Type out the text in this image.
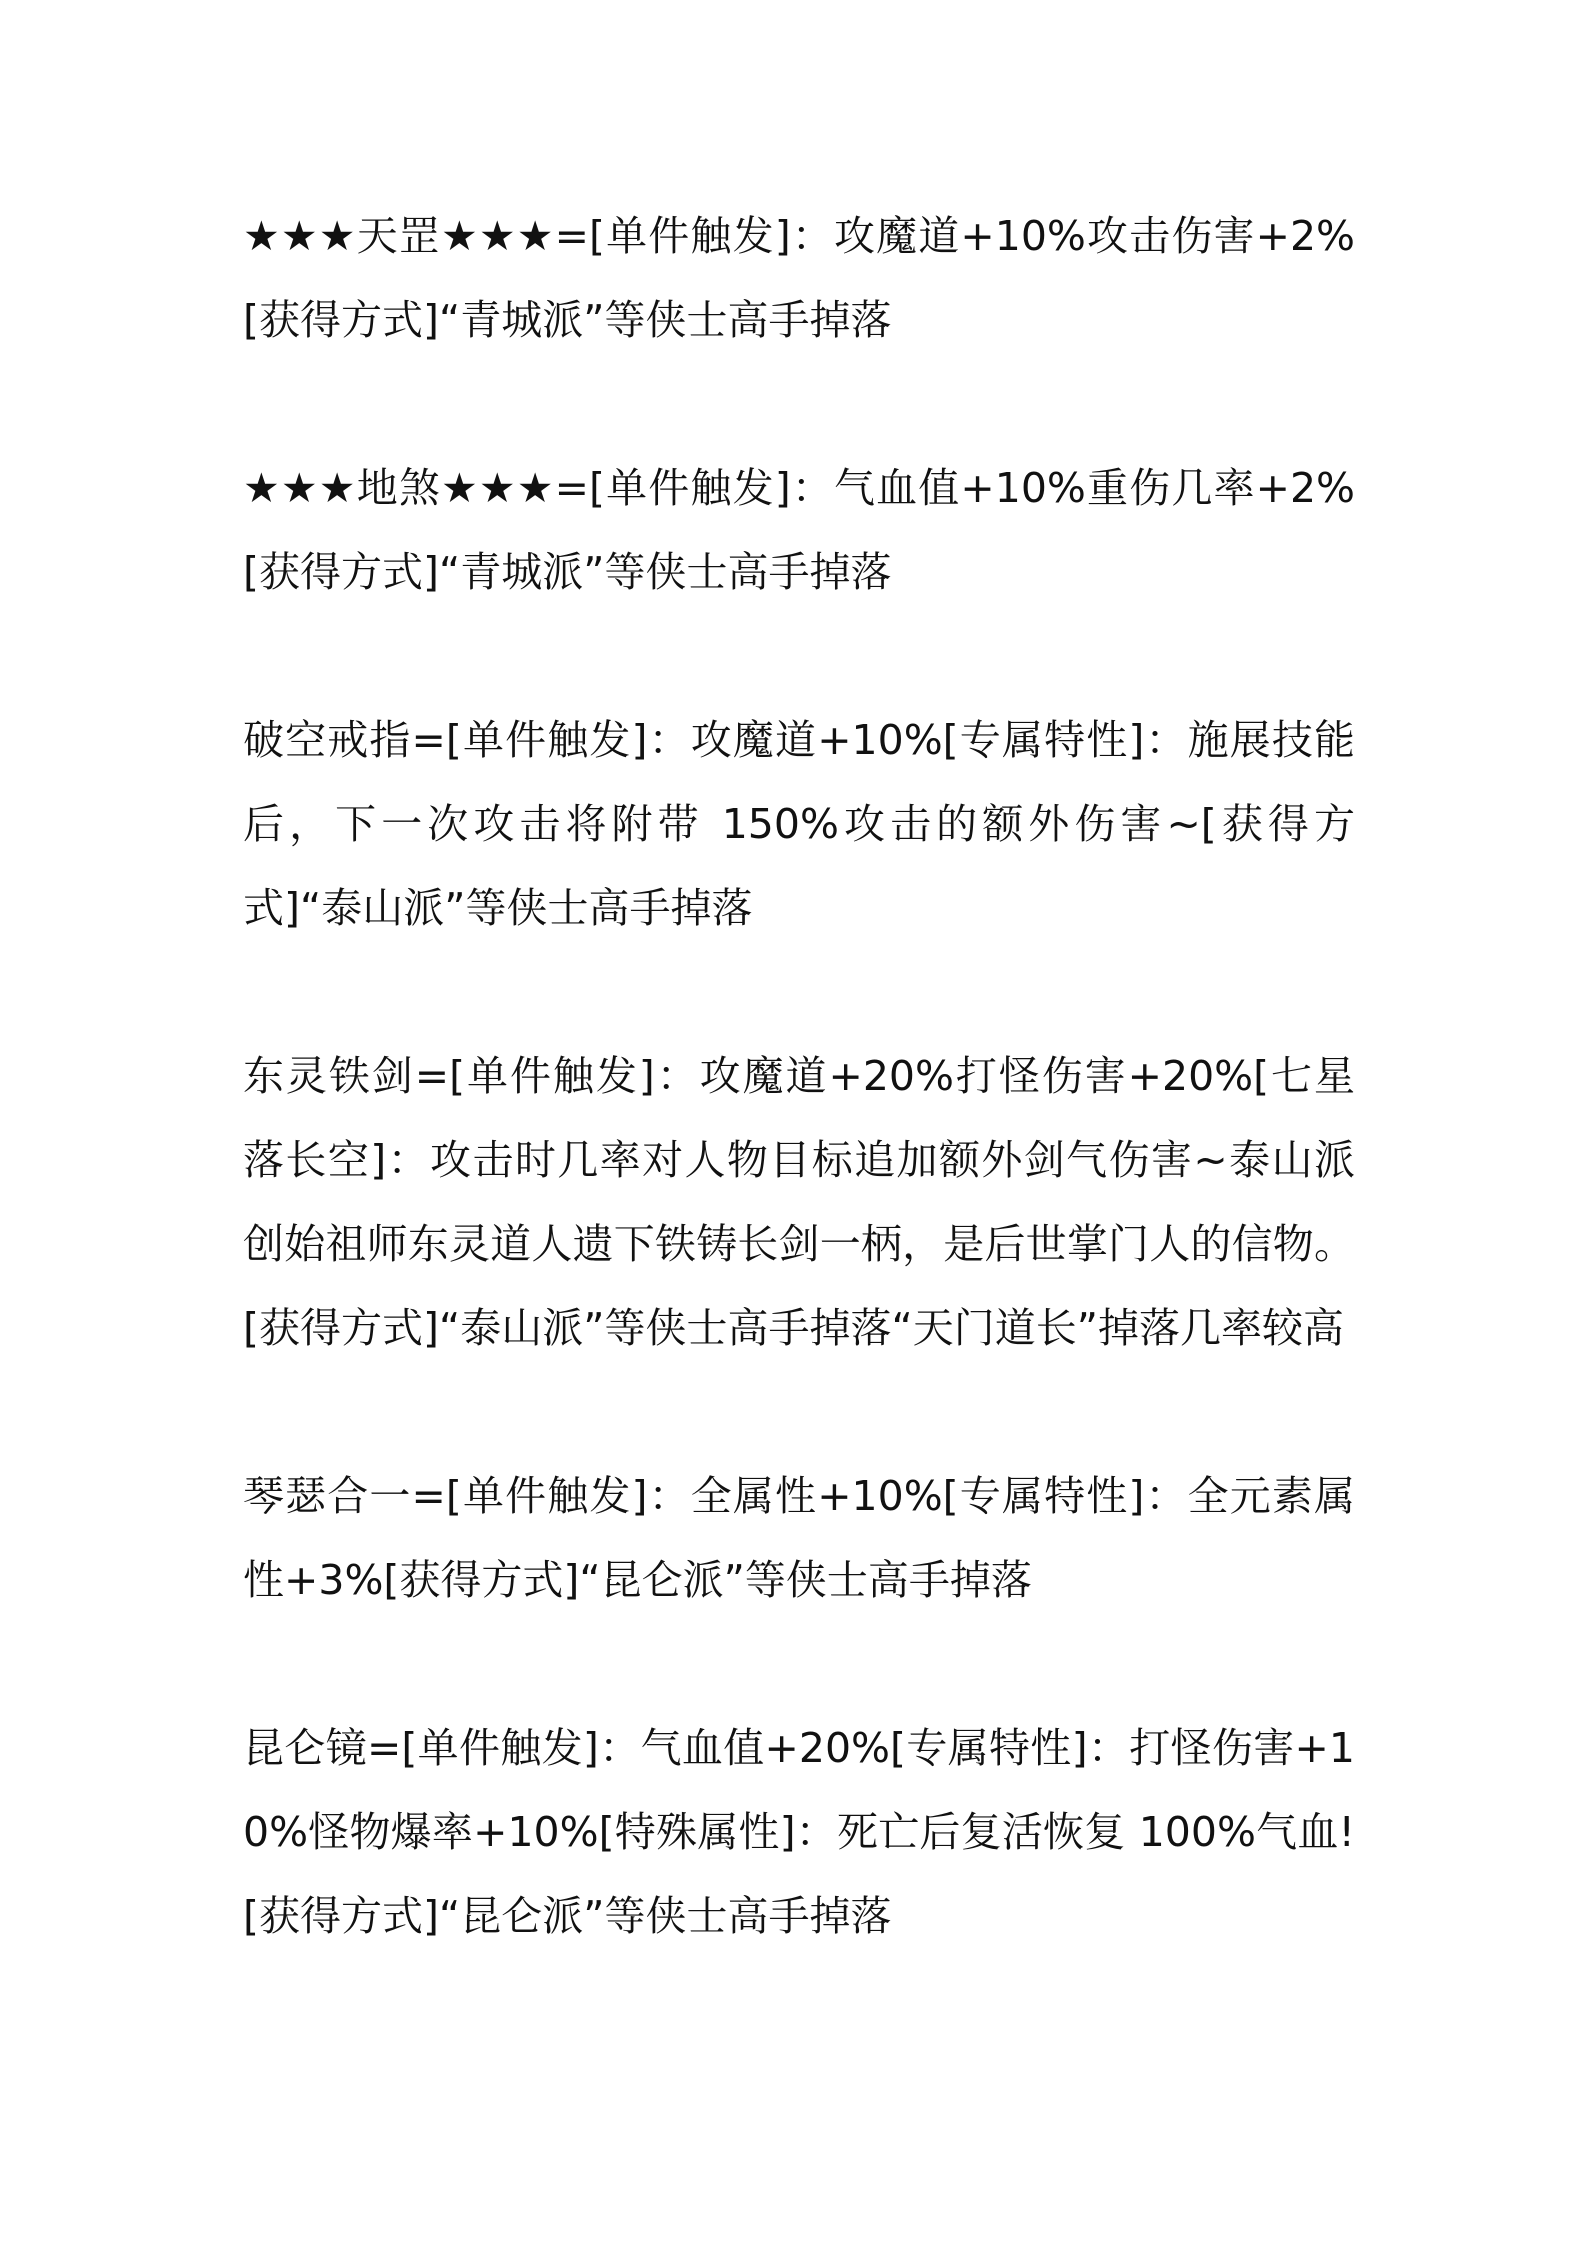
★★★天罡★★★=[单件触发]：攻魔道+10%攻击伤害+2%[获得方式]“青城派”等侠士高手掉落

★★★地煞★★★=[单件触发]：气血值+10%重伤几率+2%[获得方式]“青城派”等侠士高手掉落

破空戒指=[单件触发]：攻魔道+10%[专属特性]：施展技能后，下一次攻击将附带 150%攻击的额外伤害~[获得方式]“泰山派”等侠士高手掉落

东灵铁剑=[单件触发]：攻魔道+20%打怪伤害+20%[七星落长空]：攻击时几率对人物目标追加额外剑气伤害~泰山派创始祖师东灵道人遗下铁铸长剑一柄，是后世掌门人的信物。[获得方式]“泰山派”等侠士高手掉落“天门道长”掉落几率较高

琴瑟合一=[单件触发]：全属性+10%[专属特性]：全元素属性+3%[获得方式]“昆仑派”等侠士高手掉落

昆仑镜=[单件触发]：气血值+20%[专属特性]：打怪伤害+10%怪物爆率+10%[特殊属性]：死亡后复活恢复 100%气血![获得方式]“昆仑派”等侠士高手掉落
